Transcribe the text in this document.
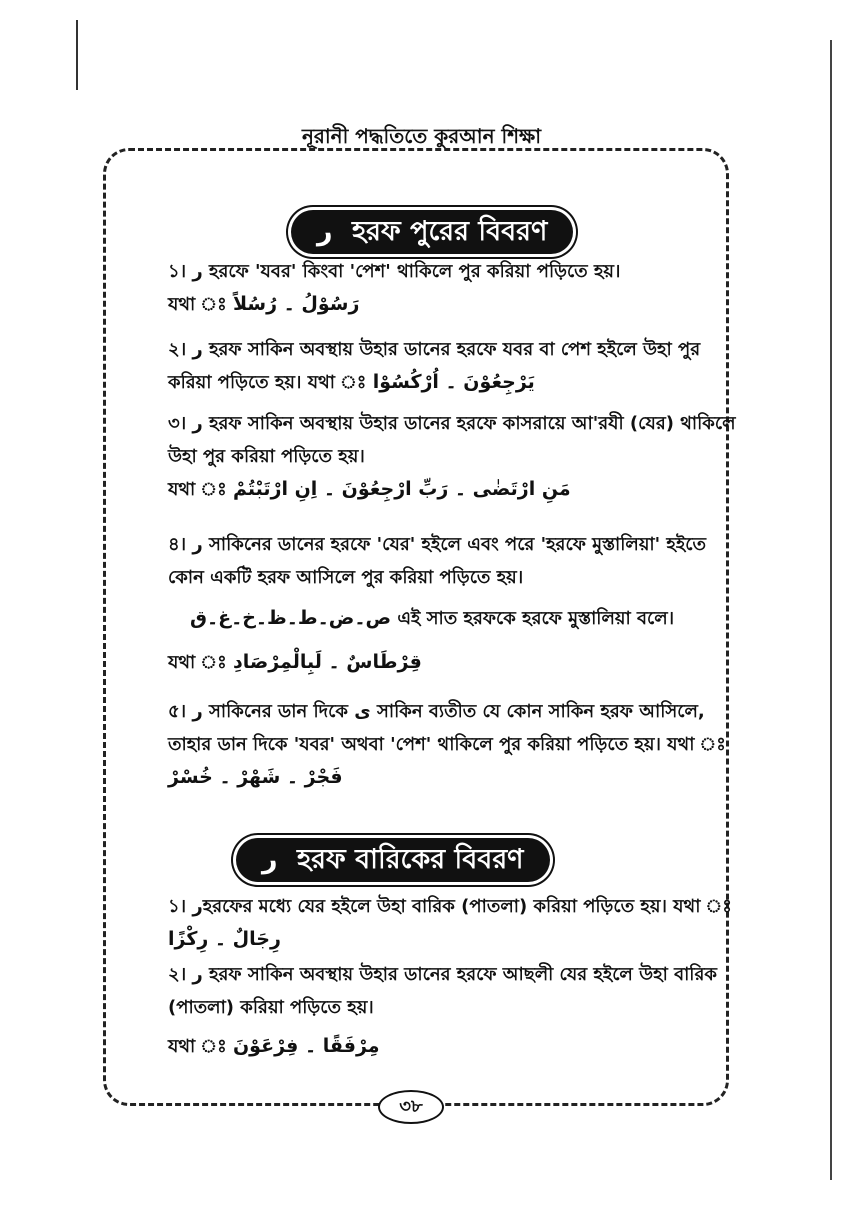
নূরানী পদ্ধতিতে কুরআন শিক্ষা
ر হরফ পুরের বিবরণ
১। ر হরফে 'যবর' কিংবা 'পেশ' থাকিলে পুর করিয়া পড়িতে হয়।
যথা ঃ رَسُوْلُ ۔ رُسُلاً
২। ر হরফ সাকিন অবস্থায় উহার ডানের হরফে যবর বা পেশ হইলে উহা পুর করিয়া পড়িতে হয়। যথা ঃ يَرْجِعُوْنَ ۔ اُرْكُسُوْا
৩। ر হরফ সাকিন অবস্থায় উহার ডানের হরফে কাসরায়ে আ'রযী (যের) থাকিলে উহা পুর করিয়া পড়িতে হয়।
যথা ঃ مَنِ ارْتَضٰى ۔ رَبِّ ارْجِعُوْنَ ۔ اِنِ ارْتَبْتُمْ
৪। ر সাকিনের ডানের হরফে 'যের' হইলে এবং পরে 'হরফে মুস্তালিয়া' হইতে কোন একটি হরফ আসিলে পুর করিয়া পড়িতে হয়।
ص۔ض۔ط۔ظ۔خ۔غ۔ق এই সাত হরফকে হরফে মুস্তালিয়া বলে।
যথা ঃ قِرْطَاسٌ ۔ لَبِالْمِرْصَادِ
৫। ر সাকিনের ডান দিকে ى সাকিন ব্যতীত যে কোন সাকিন হরফ আসিলে, তাহার ডান দিকে 'যবর' অথবা 'পেশ' থাকিলে পুর করিয়া পড়িতে হয়। যথা ঃ فَجْرْ ۔ شَهْرْ ۔ خُسْرْ
ر হরফ বারিকের বিবরণ
১। رহরফের মধ্যে যের হইলে উহা বারিক (পাতলা) করিয়া পড়িতে হয়। যথা ঃ رِجَالٌ ۔ رِكْزًا
২। ر হরফ সাকিন অবস্থায় উহার ডানের হরফে আছলী যের হইলে উহা বারিক (পাতলা) করিয়া পড়িতে হয়।
যথা ঃ مِرْفَقًا ۔ فِرْعَوْنَ
৩৮
